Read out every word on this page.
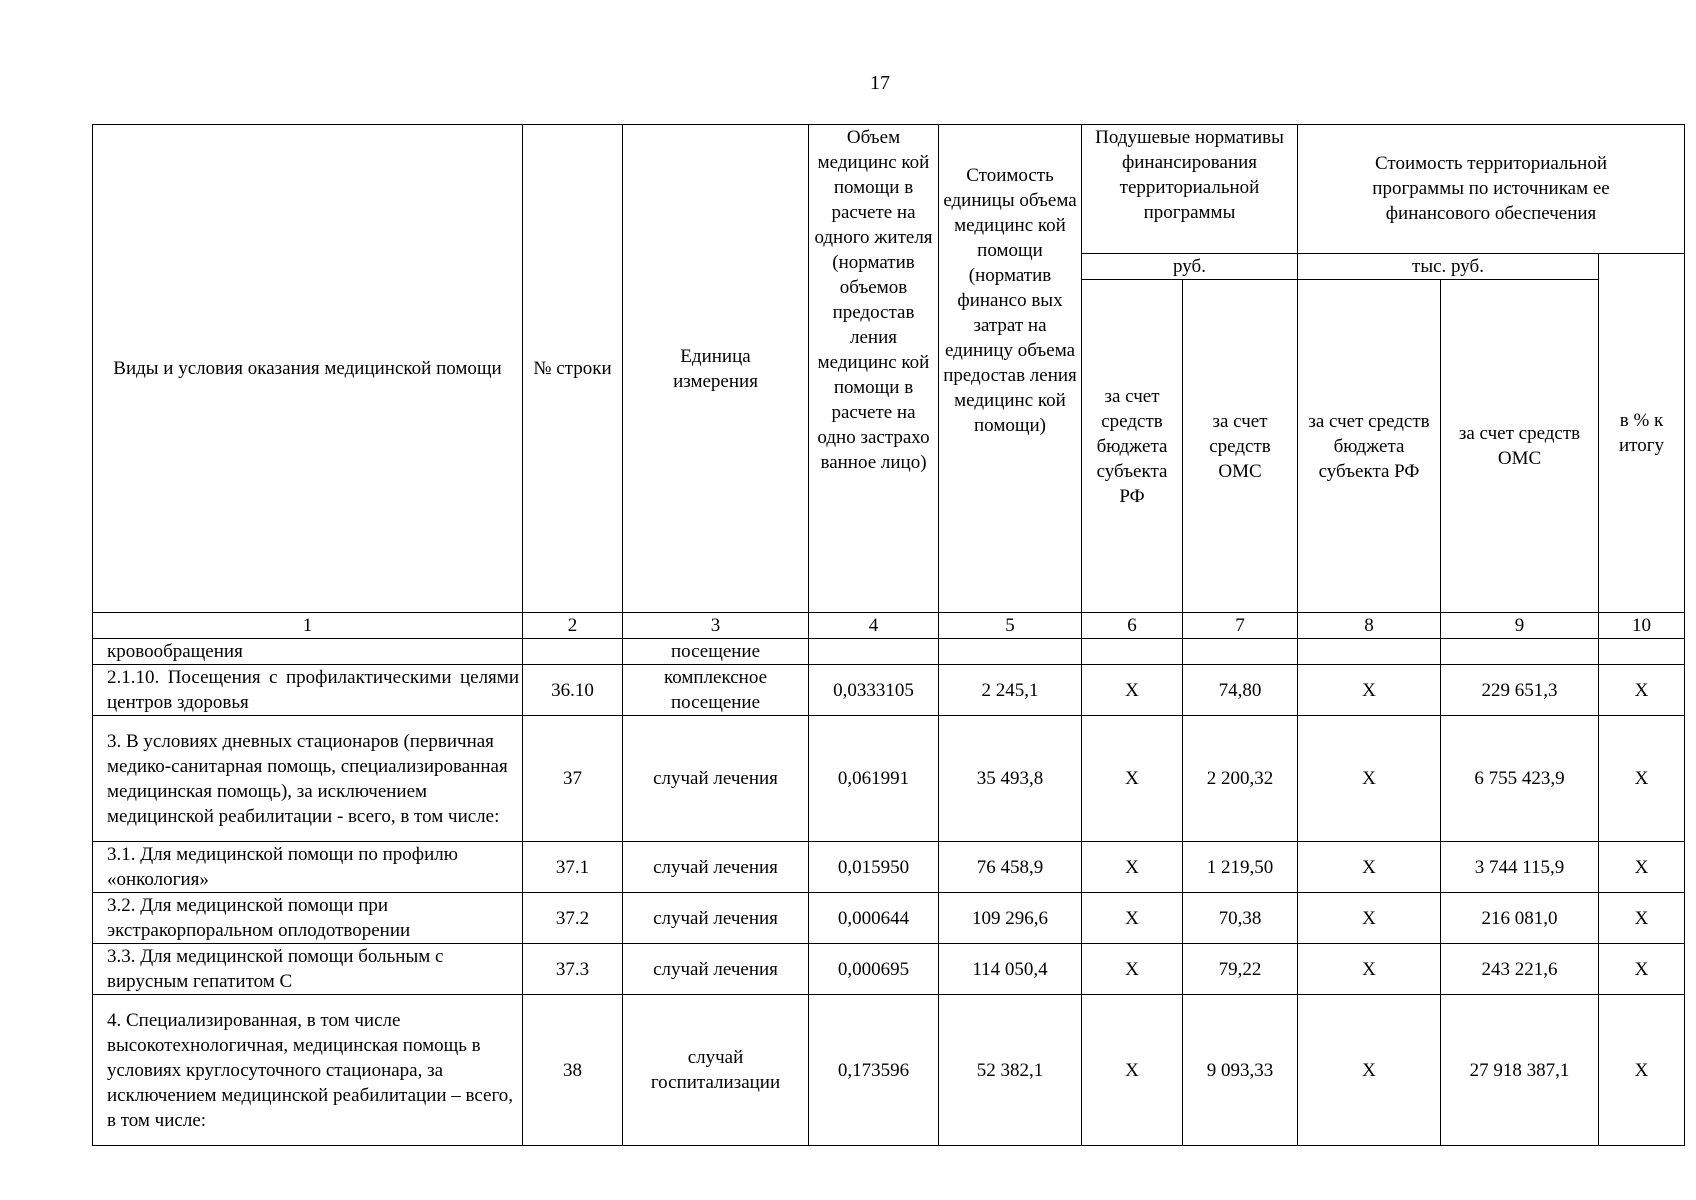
17
Виды и условия оказания медицинской помощи	№ строки	Единица измерения	Объем медицинс кой помощи в расчете на одного жителя (норматив объемов предостав ления медицинс кой помощи в расчете на одно застрахо ванное лицо)	Стоимость единицы объема медицинс кой помощи (норматив финансо вых затрат на единицу объема предостав ления медицинс кой помощи)	Подушевые нормативы финансирования территориальной программы		Стоимость территориальной программы по источникам ее финансового обеспечения		
					руб.		тыс. руб.		в % к итогу
					за счет средств бюджета субъекта РФ	за счет средств ОМС	за счет средств бюджета субъекта РФ	за счет средств ОМС	
1	2	3	4	5	6	7	8	9	10
кровообращения		посещение							
2.1.10. Посещения с профилактическими целями центров здоровья	36.10	комплексное посещение	0,0333105	2 245,1	X	74,80	X	229 651,3	X
3. В условиях дневных стационаров (первичная медико-санитарная помощь, специализированная медицинская помощь), за исключением медицинской реабилитации - всего, в том числе:	37	случай лечения	0,061991	35 493,8	X	2 200,32	X	6 755 423,9	X
3.1. Для медицинской помощи по профилю «онкология»	37.1	случай лечения	0,015950	76 458,9	X	1 219,50	X	3 744 115,9	X
3.2. Для медицинской помощи при экстракорпоральном оплодотворении	37.2	случай лечения	0,000644	109 296,6	X	70,38	X	216 081,0	X
3.3. Для медицинской помощи больным с вирусным гепатитом С	37.3	случай лечения	0,000695	114 050,4	X	79,22	X	243 221,6	X
4. Специализированная, в том числе высокотехнологичная, медицинская помощь в условиях круглосуточного стационара, за исключением медицинской реабилитации – всего, в том числе:	38	случай госпитализации	0,173596	52 382,1	X	9 093,33	X	27 918 387,1	X
